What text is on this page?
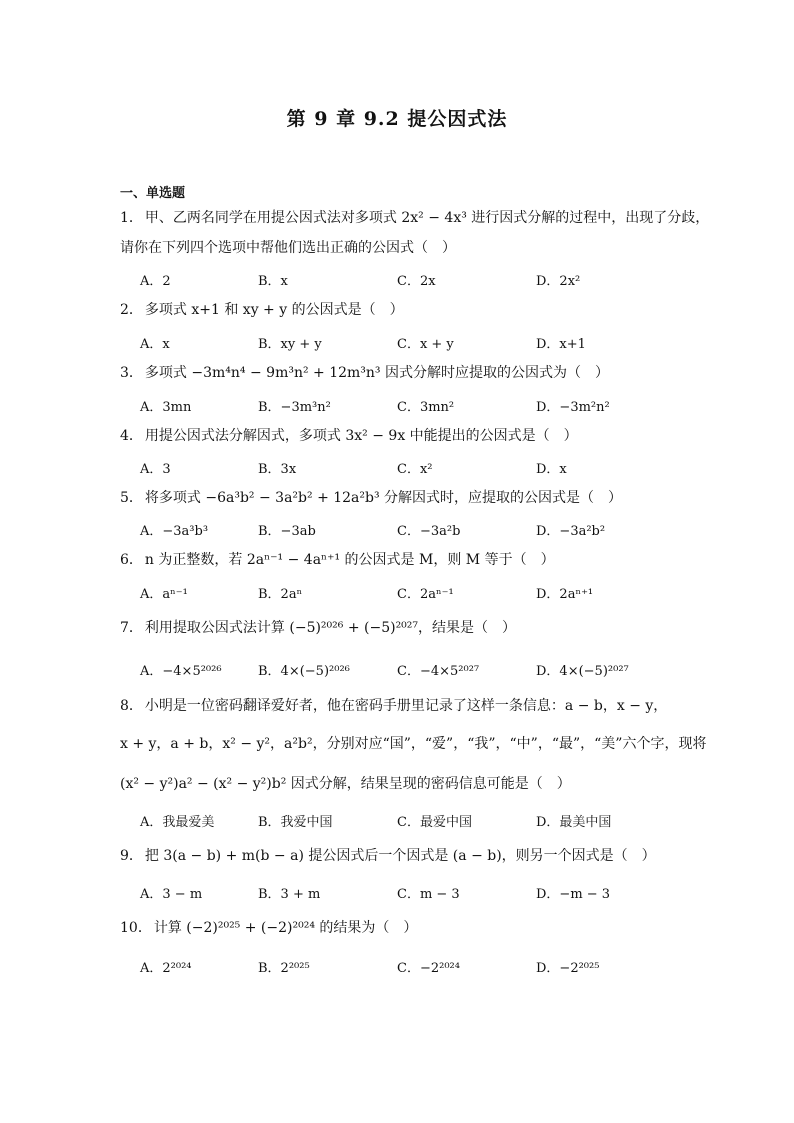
第 9 章 9.2 提公因式法
一、单选题
1． 甲、乙两名同学在用提公因式法对多项式 2x² − 4x³ 进行因式分解的过程中，出现了分歧，
请你在下列四个选项中帮他们选出正确的公因式（　）
A．2	B．x	C．2x	D．2x²
2． 多项式 x+1 和 xy + y 的公因式是（　）
A．x	B．xy + y	C．x + y	D．x+1
3． 多项式 −3m⁴n⁴ − 9m³n² + 12m³n³ 因式分解时应提取的公因式为（　）
A．3mn	B．−3m³n²	C．3mn²	D．−3m²n²
4． 用提公因式法分解因式，多项式 3x² − 9x 中能提出的公因式是（　）
A．3	B．3x	C．x²	D．x
5． 将多项式 −6a³b² − 3a²b² + 12a²b³ 分解因式时，应提取的公因式是（　）
A．−3a³b³	B．−3ab	C．−3a²b	D．−3a²b²
6． n 为正整数，若 2aⁿ⁻¹ − 4aⁿ⁺¹ 的公因式是 M，则 M 等于（　）
A．aⁿ⁻¹	B．2aⁿ	C．2aⁿ⁻¹	D．2aⁿ⁺¹
7． 利用提取公因式法计算 (−5)²⁰²⁶ + (−5)²⁰²⁷，结果是（　）
A．−4×5²⁰²⁶	B．4×(−5)²⁰²⁶	C．−4×5²⁰²⁷	D．4×(−5)²⁰²⁷
8． 小明是一位密码翻译爱好者，他在密码手册里记录了这样一条信息：a − b，x − y，
x + y，a + b，x² − y²，a²b²，分别对应“国”，“爱”，“我”，“中”，“最”，“美”六个字，现将
(x² − y²)a² − (x² − y²)b² 因式分解，结果呈现的密码信息可能是（　）
A．我最爱美	B．我爱中国	C．最爱中国	D．最美中国
9． 把 3(a − b) + m(b − a) 提公因式后一个因式是 (a − b)，则另一个因式是（　）
A．3 − m	B．3 + m	C．m − 3	D．−m − 3
10． 计算 (−2)²⁰²⁵ + (−2)²⁰²⁴ 的结果为（　）
A．2²⁰²⁴	B．2²⁰²⁵	C．−2²⁰²⁴	D．−2²⁰²⁵
